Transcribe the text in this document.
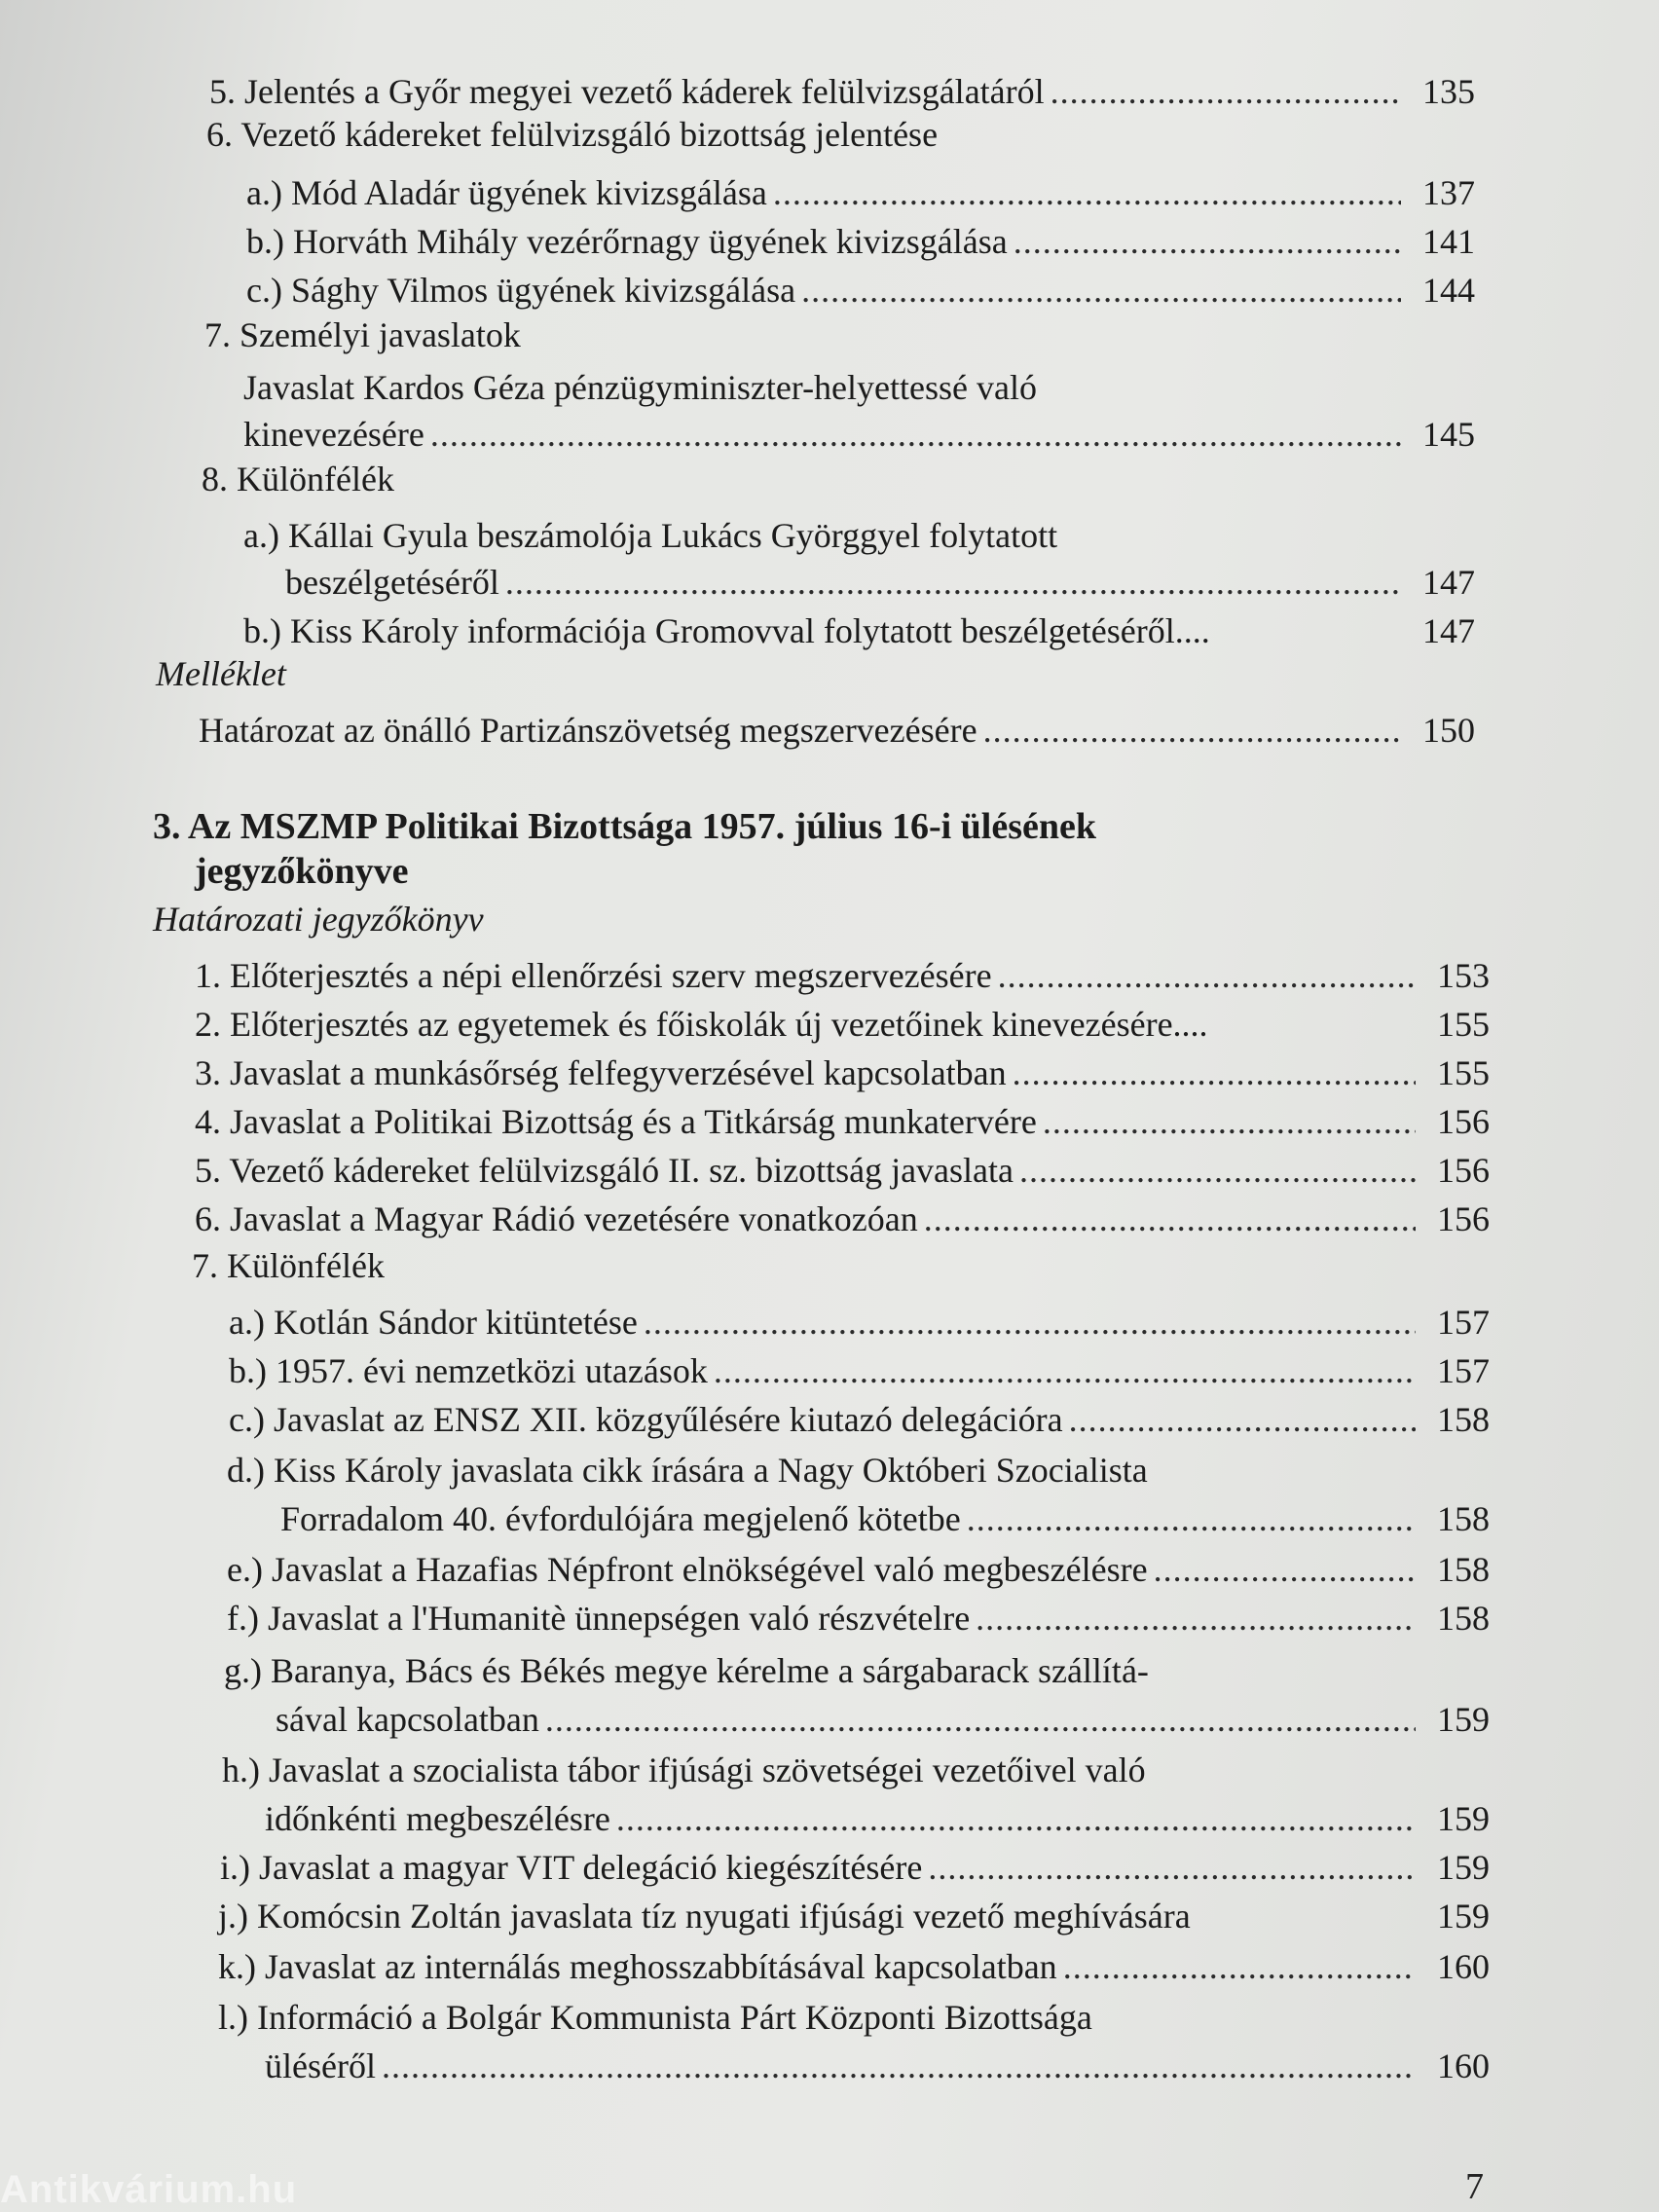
5. Jelentés a Győr megyei vezető káderek felülvizsgálatáról .....	135
6. Vezető kádereket felülvizsgáló bizottság jelentése
a.) Mód Aladár ügyének kivizsgálása .....	137
b.) Horváth Mihály vezérőrnagy ügyének kivizsgálása .....	141
c.) Sághy Vilmos ügyének kivizsgálása .....	144
7. Személyi javaslatok
Javaslat Kardos Géza pénzügyminiszter-helyettessé való
kinevezésére .....	145
8. Különfélék
a.) Kállai Gyula beszámolója Lukács Györggyel folytatott
beszélgetéséről .....	147
b.) Kiss Károly információja Gromovval folytatott beszélgetéséről....	147
Melléklet
Határozat az önálló Partizánszövetség megszervezésére .....	150
3. Az MSZMP Politikai Bizottsága 1957. július 16-i ülésének
jegyzőkönyve
Határozati jegyzőkönyv
1. Előterjesztés a népi ellenőrzési szerv megszervezésére .....	153
2. Előterjesztés az egyetemek és főiskolák új vezetőinek kinevezésére....	155
3. Javaslat a munkásőrség felfegyverzésével kapcsolatban .....	155
4. Javaslat a Politikai Bizottság és a Titkárság munkatervére .....	156
5. Vezető kádereket felülvizsgáló II. sz. bizottság javaslata .....	156
6. Javaslat a Magyar Rádió vezetésére vonatkozóan .....	156
7. Különfélék
a.) Kotlán Sándor kitüntetése .....	157
b.) 1957. évi nemzetközi utazások .....	157
c.) Javaslat az ENSZ XII. közgyűlésére kiutazó delegációra .....	158
d.) Kiss Károly javaslata cikk írására a Nagy Októberi Szocialista
Forradalom 40. évfordulójára megjelenő kötetbe .....	158
e.) Javaslat a Hazafias Népfront elnökségével való megbeszélésre .....	158
f.) Javaslat a l'Humanitè ünnepségen való részvételre .....	158
g.) Baranya, Bács és Békés megye kérelme a sárgabarack szállítá-
sával kapcsolatban .....	159
h.) Javaslat a szocialista tábor ifjúsági szövetségei vezetőivel való
időnkénti megbeszélésre .....	159
i.) Javaslat a magyar VIT delegáció kiegészítésére .....	159
j.) Komócsin Zoltán javaslata tíz nyugati ifjúsági vezető meghívására	159
k.) Javaslat az internálás meghosszabbításával kapcsolatban .....	160
l.) Információ a Bolgár Kommunista Párt Központi Bizottsága
üléséről .....	160
Antikvárium.hu	7
